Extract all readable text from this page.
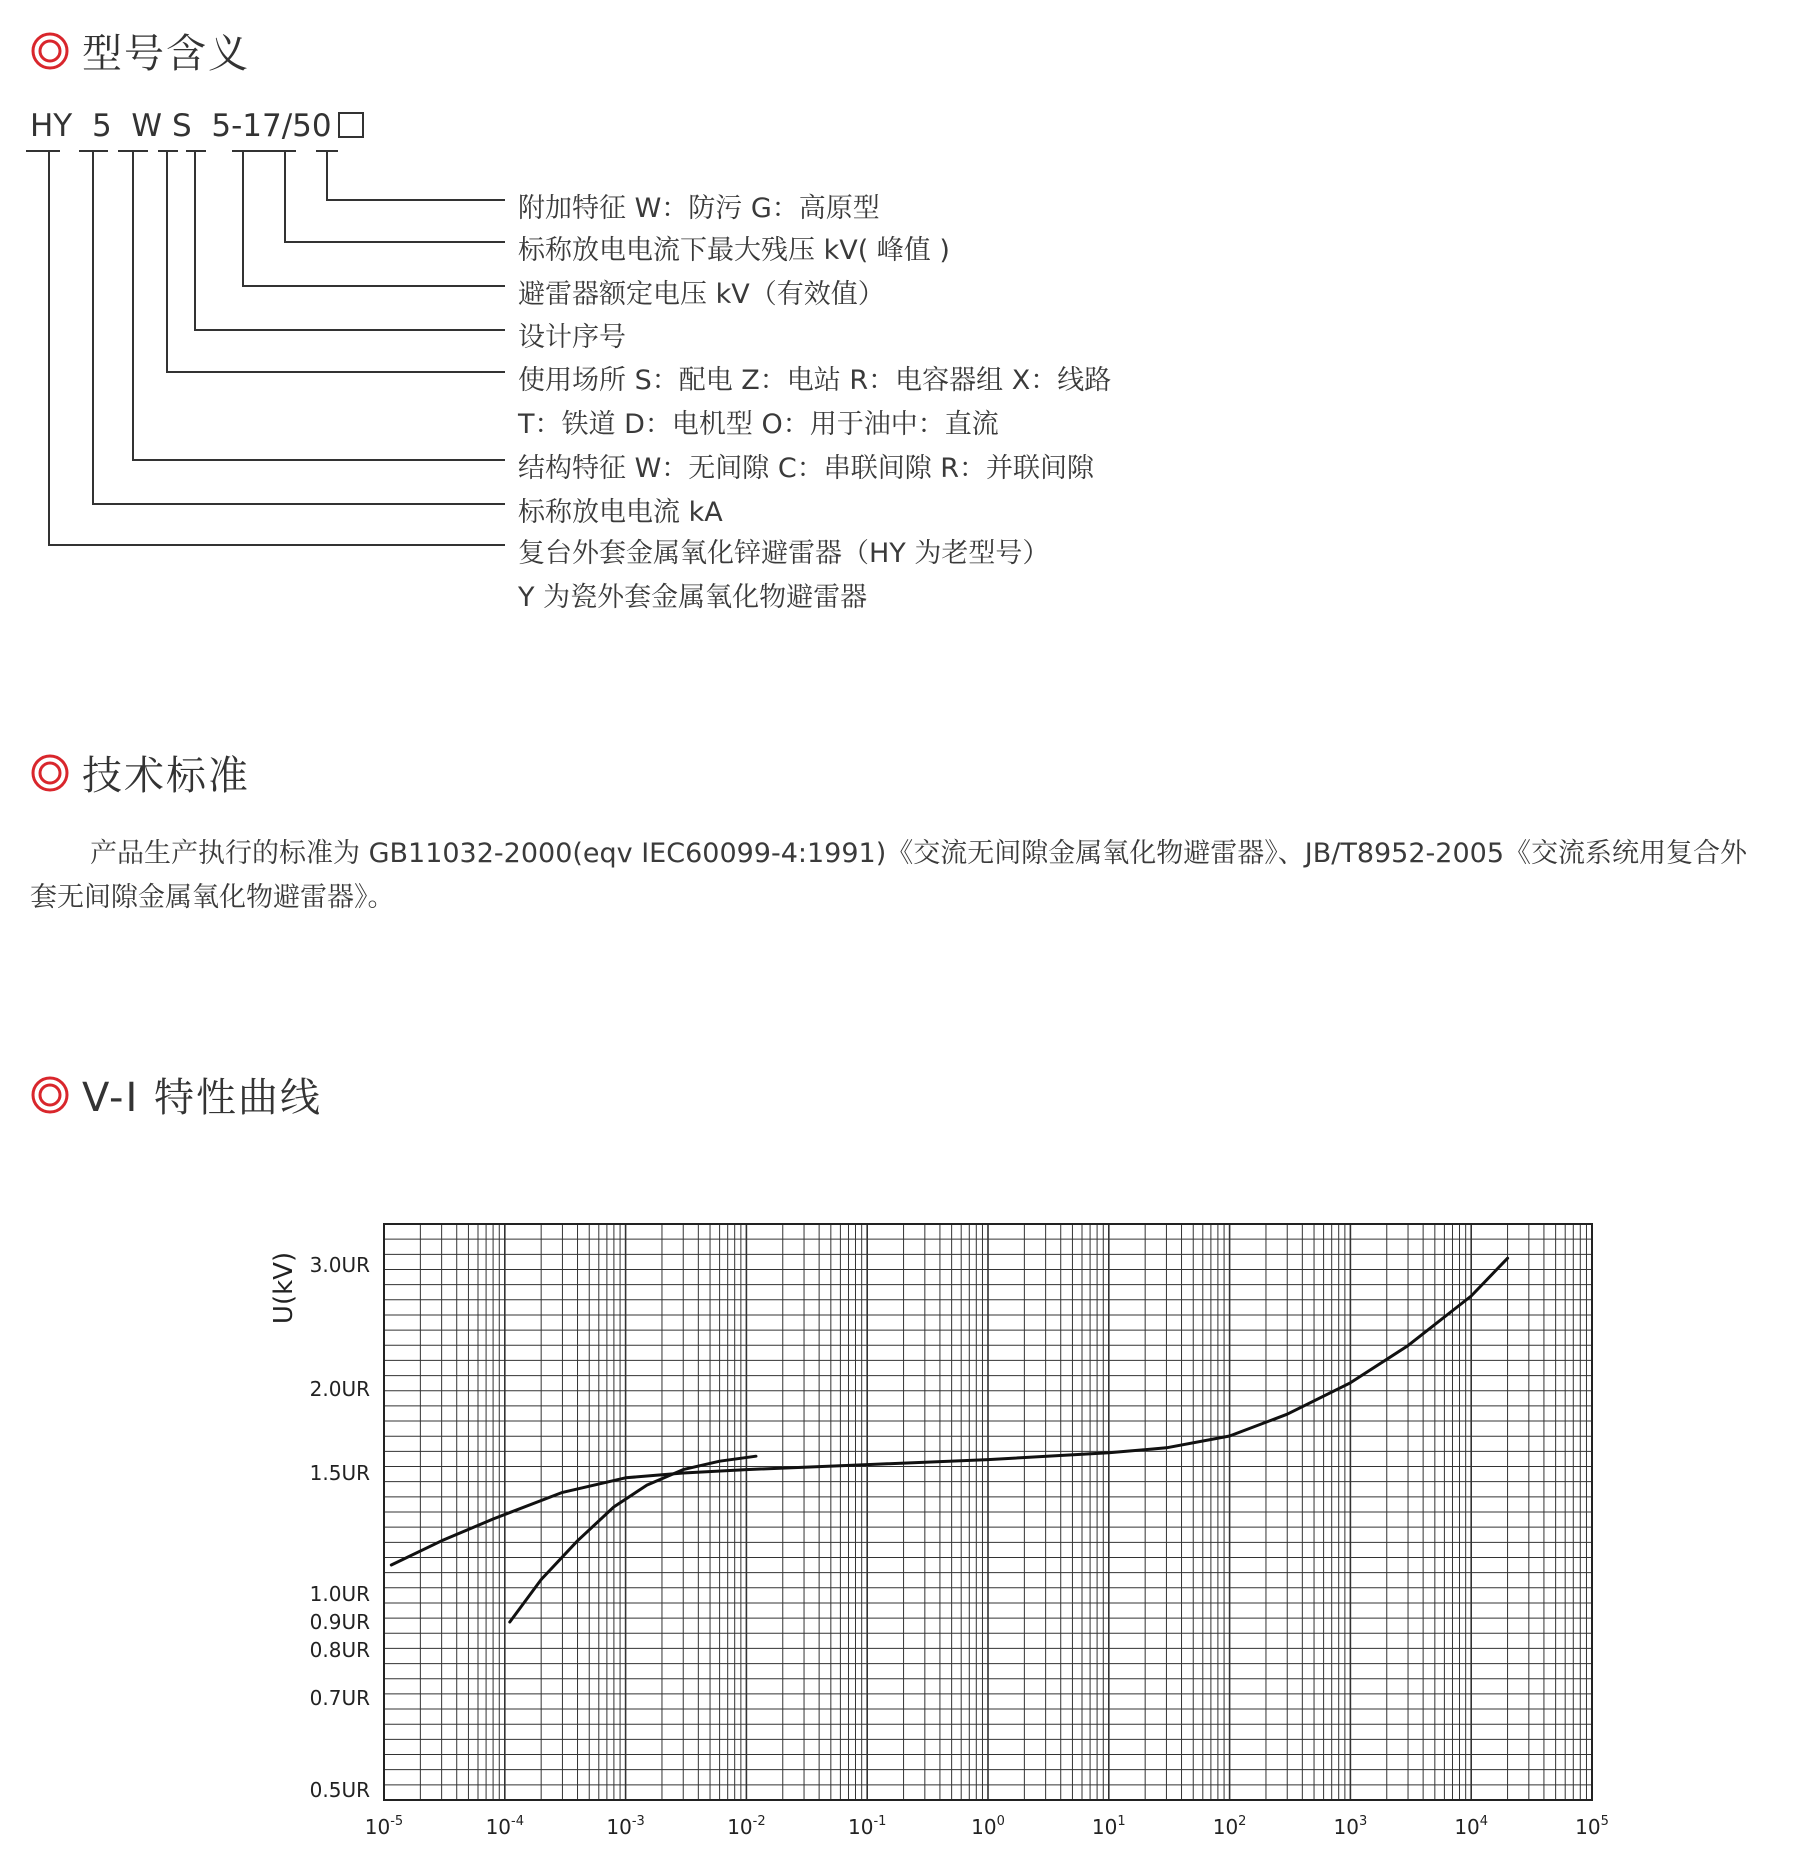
型号含义
HY 5 W S 5-17/50
附加特征 W：防污 G：高原型
标称放电电流下最大残压 kV( 峰值 )
避雷器额定电压 kV（有效值）
设计序号
使用场所 S：配电 Z：电站 R：电容器组 X：线路
T：铁道 D：电机型 O：用于油中：直流
结构特征 W：无间隙 C：串联间隙 R：并联间隙
标称放电电流 kA
复台外套金属氧化锌避雷器（HY 为老型号）
Y 为瓷外套金属氧化物避雷器
技术标准
产品生产执行的标准为 GB11032-2000(eqv IEC60099-4:1991)《交流无间隙金属氧化物避雷器》、JB/T8952-2005《交流系统用复合外套无间隙金属氧化物避雷器》。
V-I 特性曲线
0.5UR
0.7UR
0.8UR
0.9UR
1.0UR
1.5UR
2.0UR
3.0UR
$10^{-5}$	$10^{-4}$	$10^{-3}$	$10^{-2}$	$10^{-1}$	$10^0$	$10^1$	$10^2$	$10^3$	$10^4$	$10^5$
U(kV)
